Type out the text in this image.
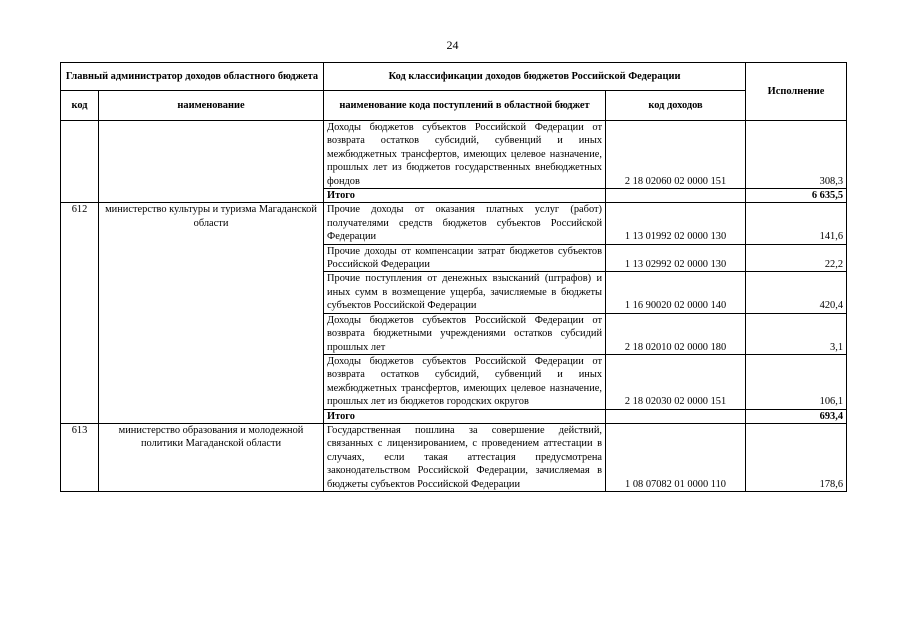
24
Главный администратор доходов областного бюджета		Код классификации доходов бюджетов Российской Федерации		Исполнение
код	наименование	наименование кода поступлений в областной бюджет	код доходов	
		Доходы бюджетов субъектов Российской Федерации от возврата остатков субсидий, субвенций и иных межбюджетных трансфертов, имеющих целевое назначение, прошлых лет из бюджетов государственных внебюджетных фондов	2 18 02060 02 0000 151	308,3
		Итого		6 635,5
612	министерство культуры и туризма Магаданской области	Прочие доходы от оказания платных услуг (работ) получателями средств бюджетов субъектов Российской Федерации	1 13 01992 02 0000 130	141,6
		Прочие доходы от компенсации затрат бюджетов субъектов Российской Федерации	1 13 02992 02 0000 130	22,2
		Прочие поступления от денежных взысканий (штрафов) и иных сумм в возмещение ущерба, зачисляемые в бюджеты субъектов Российской Федерации	1 16 90020 02 0000 140	420,4
		Доходы бюджетов субъектов Российской Федерации от возврата бюджетными учреждениями остатков субсидий прошлых лет	2 18 02010 02 0000 180	3,1
		Доходы бюджетов субъектов Российской Федерации от возврата остатков субсидий, субвенций и иных межбюджетных трансфертов, имеющих целевое назначение, прошлых лет из бюджетов городских округов	2 18 02030 02 0000 151	106,1
		Итого		693,4
613	министерство образования и молодежной политики Магаданской области	Государственная пошлина за совершение действий, связанных с лицензированием, с проведением аттестации в случаях, если такая аттестация предусмотрена законодательством Российской Федерации, зачисляемая в бюджеты субъектов Российской Федерации	1 08 07082 01 0000 110	178,6
